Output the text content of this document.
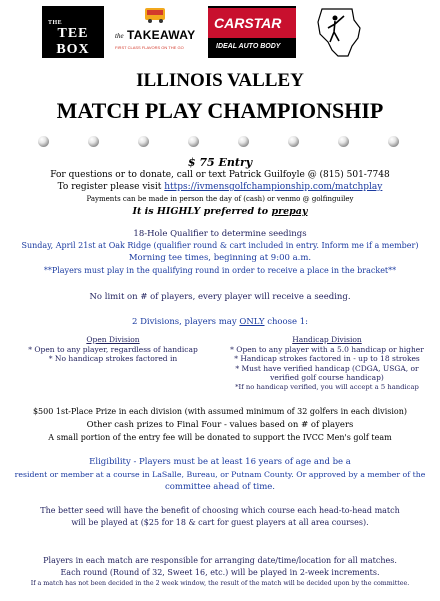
THE
TEE BOX
the TAKEAWAY
FIRST CLASS FLAVORS ON THE GO
CARSTAR
IDEAL AUTO BODY
ILLINOIS VALLEY
MATCH PLAY CHAMPIONSHIP
$ 75 Entry
For questions or to donate, call or text Patrick Guilfoyle @ (815) 501-7748
To register please visit https://ivmensgolfchampionship.com/matchplay
Payments can be made in person the day of (cash) or venmo @ golfinguiley
It is HIGHLY preferred to prepay
18-Hole Qualifier to determine seedings
Sunday, April 21st at Oak Ridge (qualifier round & cart included in entry. Inform me if a member)
Morning tee times, beginning at 9:00 a.m.
**Players must play in the qualifying round in order to receive a place in the bracket**
No limit on # of players, every player will receive a seeding.
2 Divisions, players may ONLY choose 1:
Open Division
* Open to any player, regardless of handicap
* No handicap strokes factored in
Handicap Division
* Open to any player with a 5.0 handicap or higher
* Handicap strokes factored in - up to 18 strokes
* Must have verified handicap (CDGA, USGA, or
verified golf course handicap)
*If no handicap verified, you will accept a 5 handicap
$500 1st-Place Prize in each division (with assumed minimum of 32 golfers in each division)
Other cash prizes to Final Four - values based on # of players
A small portion of the entry fee will be donated to support the IVCC Men's golf team
Eligibility - Players must be at least 16 years of age and be a
resident or member at a course in LaSalle, Bureau, or Putnam County. Or approved by a member of the
committee ahead of time.
The better seed will have the benefit of choosing which course each head-to-head match
will be played at ($25 for 18 & cart for guest players at all area courses).
Players in each match are responsible for arranging date/time/location for all matches.
Each round (Round of 32, Sweet 16, etc.) will be played in 2-week increments.
If a match has not been decided in the 2 week window, the result of the match will be decided upon by the committee.
